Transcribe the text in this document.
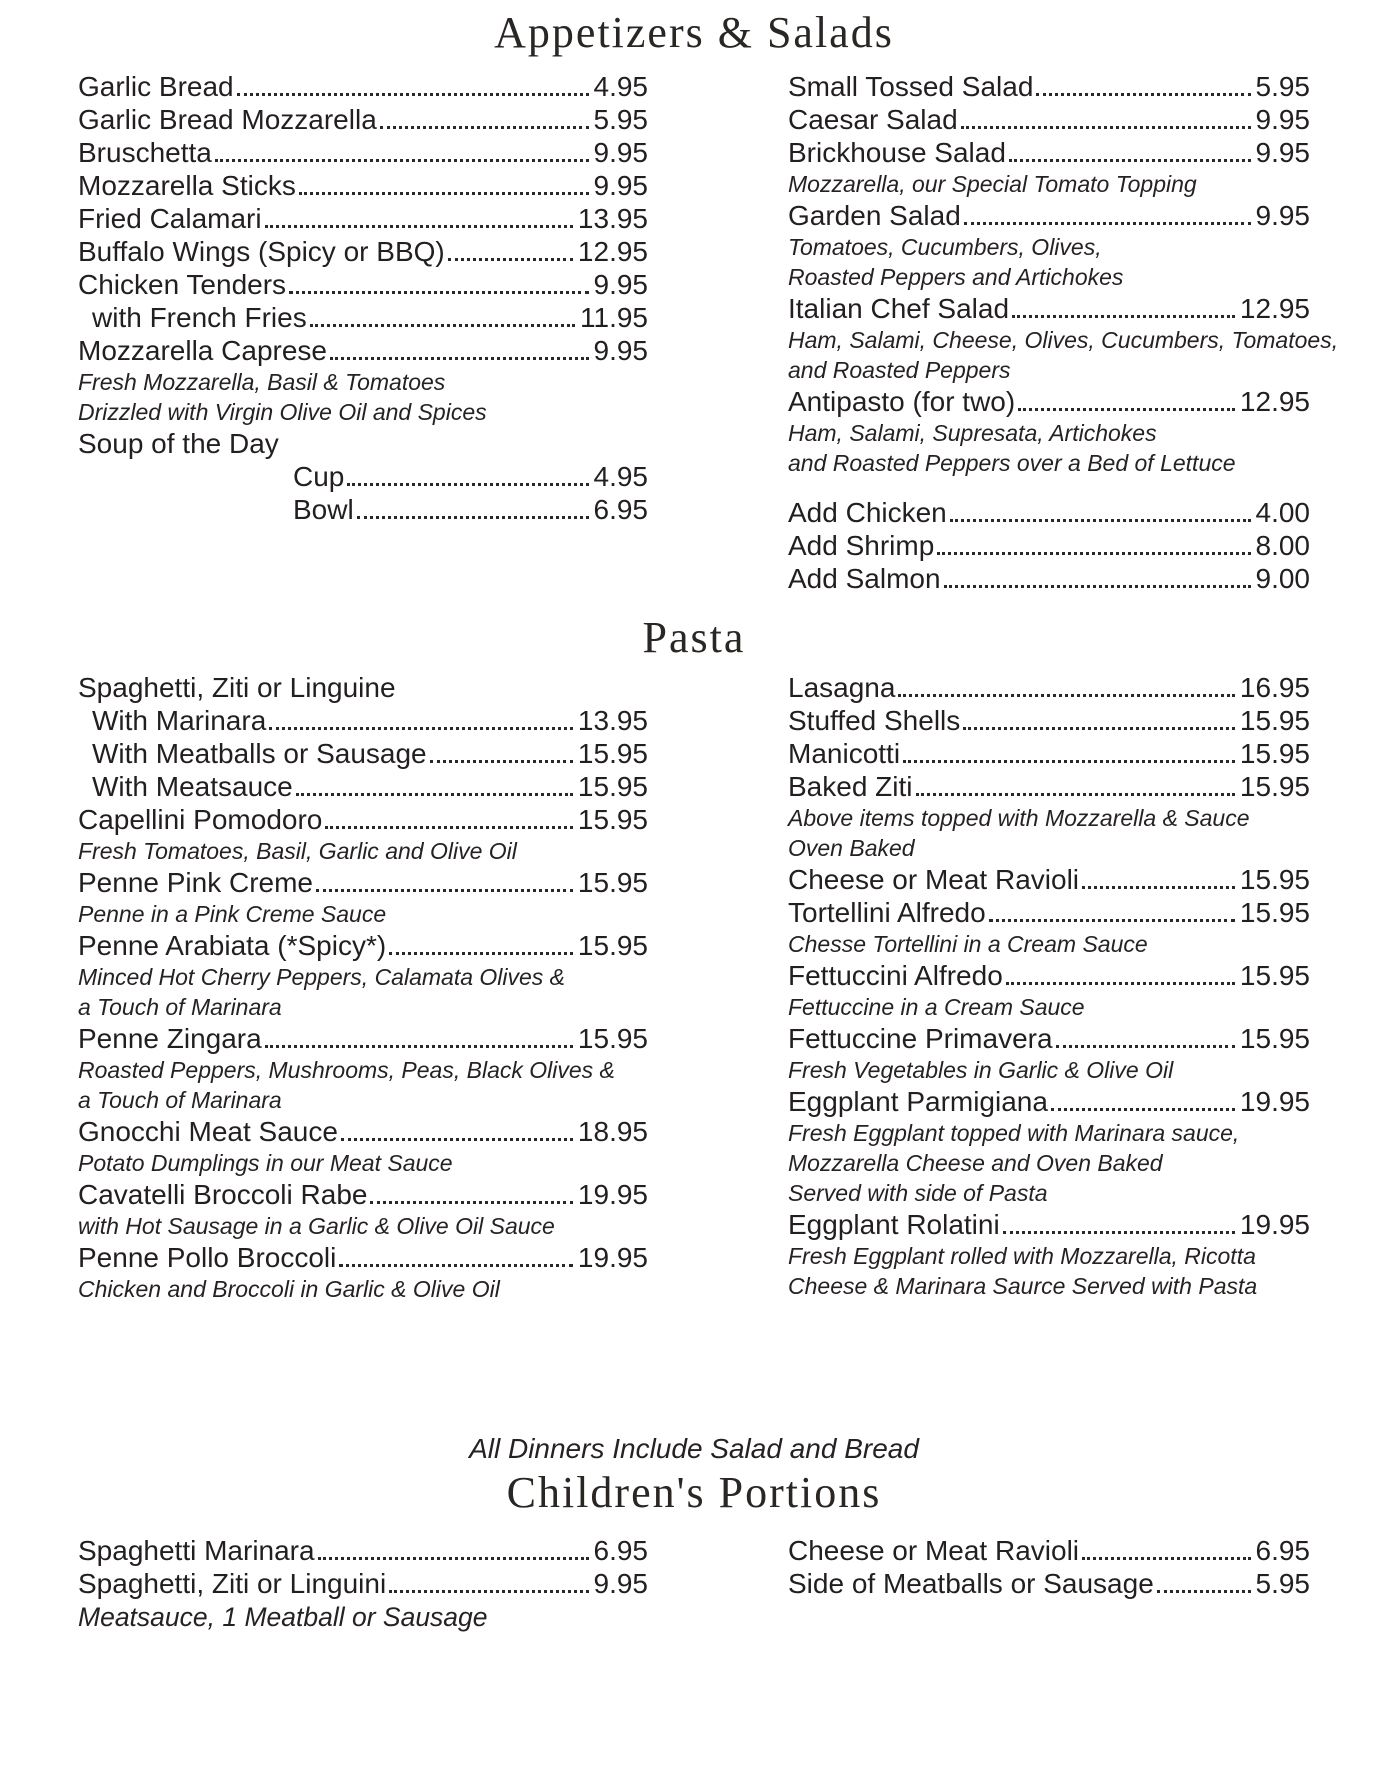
Appetizers & Salads
Garlic Bread	4.95
Garlic Bread Mozzarella	5.95
Bruschetta	9.95
Mozzarella Sticks	9.95
Fried Calamari	13.95
Buffalo Wings (Spicy or BBQ)	12.95
Chicken Tenders	9.95
with French Fries	11.95
Mozzarella Caprese	9.95
Fresh Mozzarella, Basil & Tomatoes
Drizzled with Virgin Olive Oil and Spices
Soup of the Day
Cup	4.95
Bowl	6.95
Small Tossed Salad	5.95
Caesar Salad	9.95
Brickhouse Salad	9.95
Mozzarella, our Special Tomato Topping
Garden Salad	9.95
Tomatoes, Cucumbers, Olives,
Roasted Peppers and Artichokes
Italian Chef Salad	12.95
Ham, Salami, Cheese, Olives, Cucumbers, Tomatoes,
and Roasted Peppers
Antipasto (for two)	12.95
Ham, Salami, Supresata, Artichokes
and Roasted Peppers over a Bed of Lettuce
Add Chicken	4.00
Add Shrimp	8.00
Add Salmon	9.00
Pasta
Spaghetti, Ziti or Linguine
With Marinara	13.95
With Meatballs or Sausage	15.95
With Meatsauce	15.95
Capellini Pomodoro	15.95
Fresh Tomatoes, Basil, Garlic and Olive Oil
Penne Pink Creme	15.95
Penne in a Pink Creme Sauce
Penne Arabiata (*Spicy*)	15.95
Minced Hot Cherry Peppers, Calamata Olives &
a Touch of Marinara
Penne Zingara	15.95
Roasted Peppers, Mushrooms, Peas, Black Olives &
a Touch of Marinara
Gnocchi Meat Sauce	18.95
Potato Dumplings in our Meat Sauce
Cavatelli Broccoli Rabe	19.95
with Hot Sausage in a Garlic & Olive Oil Sauce
Penne Pollo Broccoli	19.95
Chicken and Broccoli in Garlic & Olive Oil
Lasagna	16.95
Stuffed Shells	15.95
Manicotti	15.95
Baked Ziti	15.95
Above items topped with Mozzarella & Sauce
Oven Baked
Cheese or Meat Ravioli	15.95
Tortellini Alfredo	15.95
Chesse Tortellini in a Cream Sauce
Fettuccini Alfredo	15.95
Fettuccine in a Cream Sauce
Fettuccine Primavera	15.95
Fresh Vegetables in Garlic & Olive Oil
Eggplant Parmigiana	19.95
Fresh Eggplant topped with Marinara sauce,
Mozzarella Cheese and Oven Baked
Served with side of Pasta
Eggplant Rolatini	19.95
Fresh Eggplant rolled with Mozzarella, Ricotta
Cheese & Marinara Saurce Served with Pasta

All Dinners Include Salad and Bread

Children's Portions
Spaghetti Marinara	6.95
Spaghetti, Ziti or Linguini	9.95
Meatsauce, 1 Meatball or Sausage
Cheese or Meat Ravioli	6.95
Side of Meatballs or Sausage	5.95
